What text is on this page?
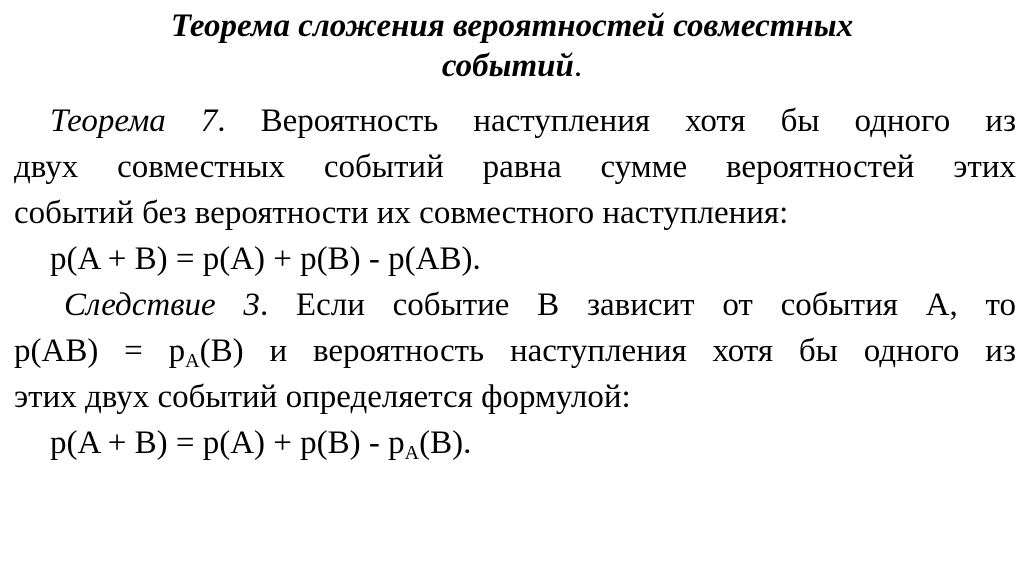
Теорема сложения вероятностей совместных
событий.
Теорема 7. Вероятность наступления хотя бы одного из
двух совместных событий равна сумме вероятностей этих
событий без вероятности их совместного наступления:
p(A + B) = p(A) + p(B) - p(AB).
Следствие 3. Если событие B зависит от события A, то
$p(AB) = p_A(B)$ и вероятность наступления хотя бы одного из
этих двух событий определяется формулой:
$p(A + B) = p(A) + p(B) - p_A(B)$.
